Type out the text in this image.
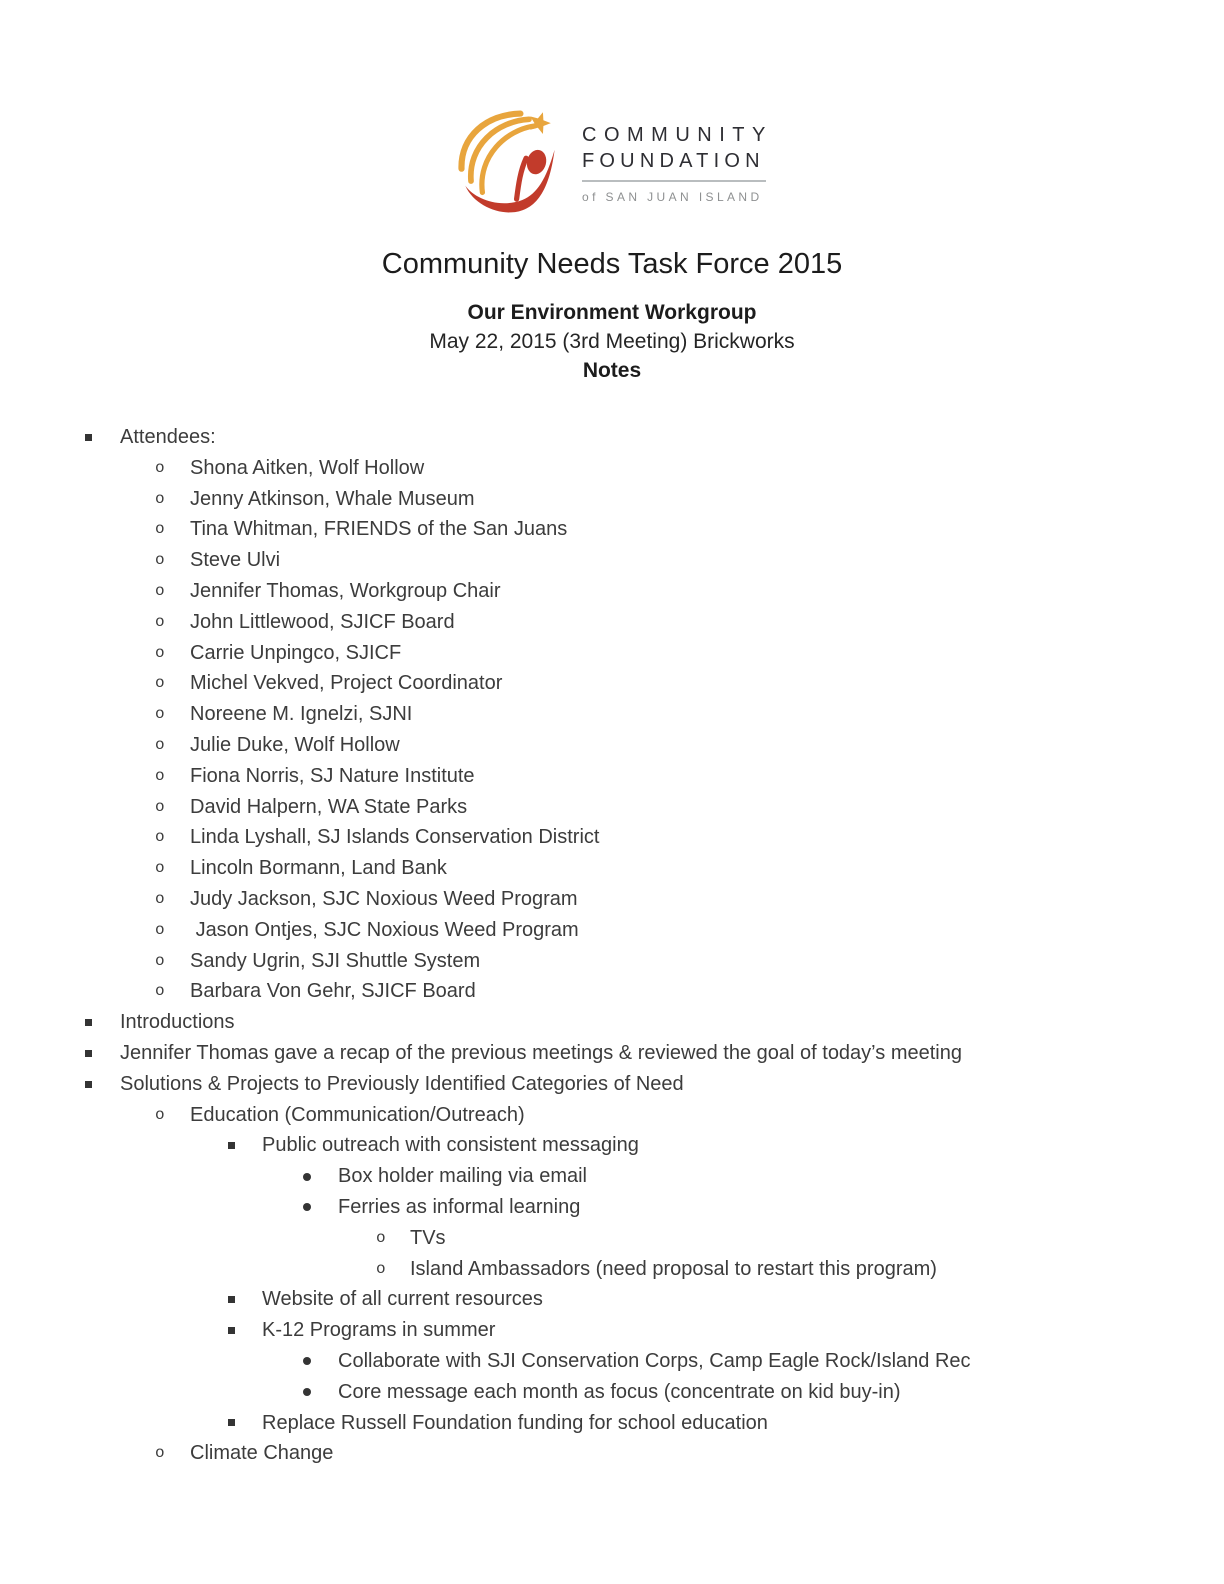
COMMUNITY
FOUNDATION
of SAN JUAN ISLAND
Community Needs Task Force 2015
Our Environment Workgroup
May 22, 2015 (3rd Meeting) Brickworks
Notes
Attendees:
o Shona Aitken, Wolf Hollow
o Jenny Atkinson, Whale Museum
o Tina Whitman, FRIENDS of the San Juans
o Steve Ulvi
o Jennifer Thomas, Workgroup Chair
o John Littlewood, SJICF Board
o Carrie Unpingco, SJICF
o Michel Vekved, Project Coordinator
o Noreene M. Ignelzi, SJNI
o Julie Duke, Wolf Hollow
o Fiona Norris, SJ Nature Institute
o David Halpern, WA State Parks
o Linda Lyshall, SJ Islands Conservation District
o Lincoln Bormann, Land Bank
o Judy Jackson, SJC Noxious Weed Program
o Jason Ontjes, SJC Noxious Weed Program
o Sandy Ugrin, SJI Shuttle System
o Barbara Von Gehr, SJICF Board
Introductions
Jennifer Thomas gave a recap of the previous meetings & reviewed the goal of today’s meeting
Solutions & Projects to Previously Identified Categories of Need
o Education (Communication/Outreach)
Public outreach with consistent messaging
Box holder mailing via email
Ferries as informal learning
o TVs
o Island Ambassadors (need proposal to restart this program)
Website of all current resources
K-12 Programs in summer
Collaborate with SJI Conservation Corps, Camp Eagle Rock/Island Rec
Core message each month as focus (concentrate on kid buy-in)
Replace Russell Foundation funding for school education
o Climate Change
